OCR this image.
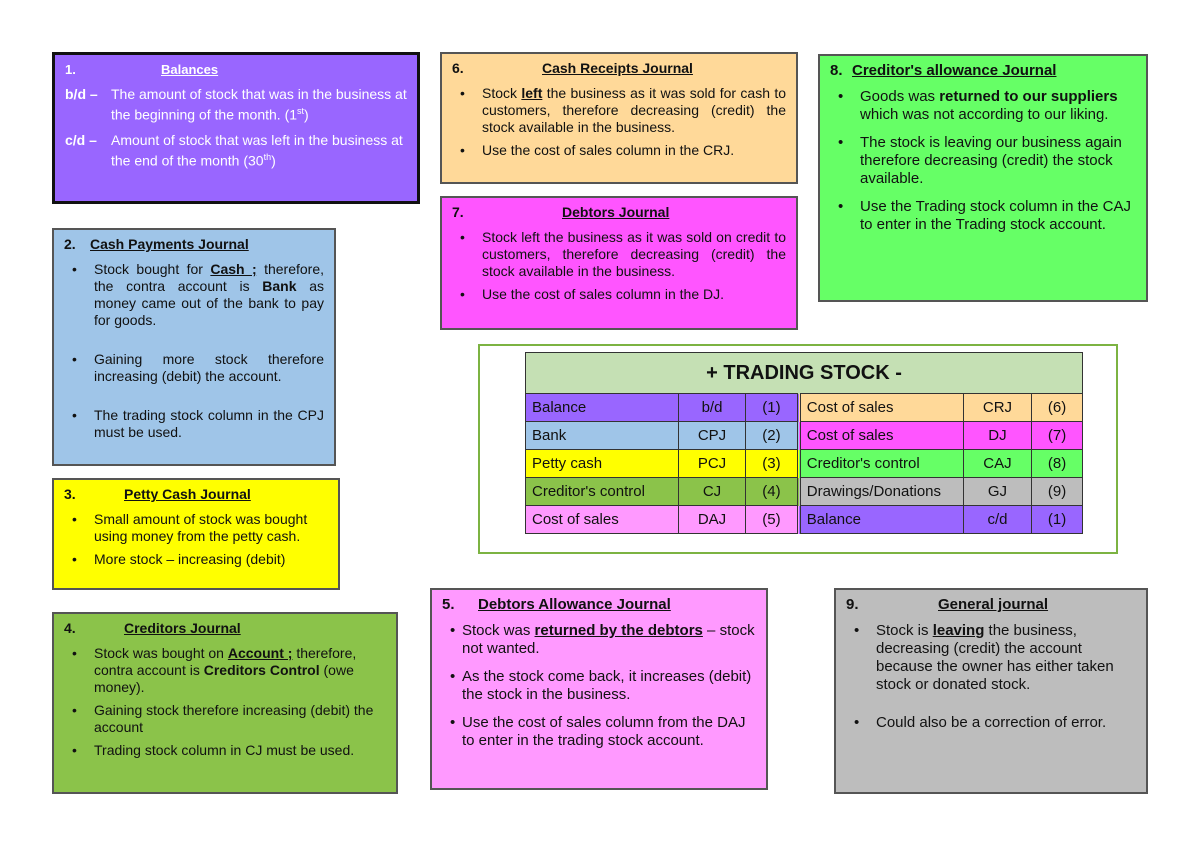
1.	Balances
b/d – The amount of stock that was in the business at the beginning of the month. (1st)
c/d –	Amount of stock that was left in the business at the end of the month (30th)
2.	Cash Payments Journal
• Stock bought for Cash ; therefore, the contra account is Bank as money came out of the bank to pay for goods.
• Gaining more stock therefore increasing (debit) the account.
• The trading stock column in the CPJ must be used.
3.	Petty Cash Journal
• Small amount of stock was bought using money from the petty cash.
• More stock – increasing (debit)
4.	Creditors Journal
• Stock was bought on Account ; therefore, contra account is Creditors Control (owe money).
• Gaining stock therefore increasing (debit) the account
• Trading stock column in CJ must be used.
6.	Cash Receipts Journal
• Stock left the business as it was sold for cash to customers, therefore decreasing (credit) the stock available in the business.
• Use the cost of sales column in the CRJ.
7.	Debtors Journal
• Stock left the business as it was sold on credit to customers, therefore decreasing (credit) the stock available in the business.
• Use the cost of sales column in the DJ.
8. Creditor's allowance Journal
• Goods was returned to our suppliers which was not according to our liking.
• The stock is leaving our business again therefore decreasing (credit) the stock available.
• Use the Trading stock column in the CAJ to enter in the Trading stock account.
+ TRADING STOCK -					
Balance	b/d	(1)	Cost of sales	CRJ	(6)
Bank	CPJ	(2)	Cost of sales	DJ	(7)
Petty cash	PCJ	(3)	Creditor's control	CAJ	(8)
Creditor's control	CJ	(4)	Drawings/Donations	GJ	(9)
Cost of sales	DAJ	(5)	Balance	c/d	(1)
5.	Debtors Allowance Journal
• Stock was returned by the debtors – stock not wanted.
• As the stock come back, it increases (debit) the stock in the business.
• Use the cost of sales column from the DAJ to enter in the trading stock account.
9.	General journal
• Stock is leaving the business, decreasing (credit) the account because the owner has either taken stock or donated stock.
• Could also be a correction of error.
